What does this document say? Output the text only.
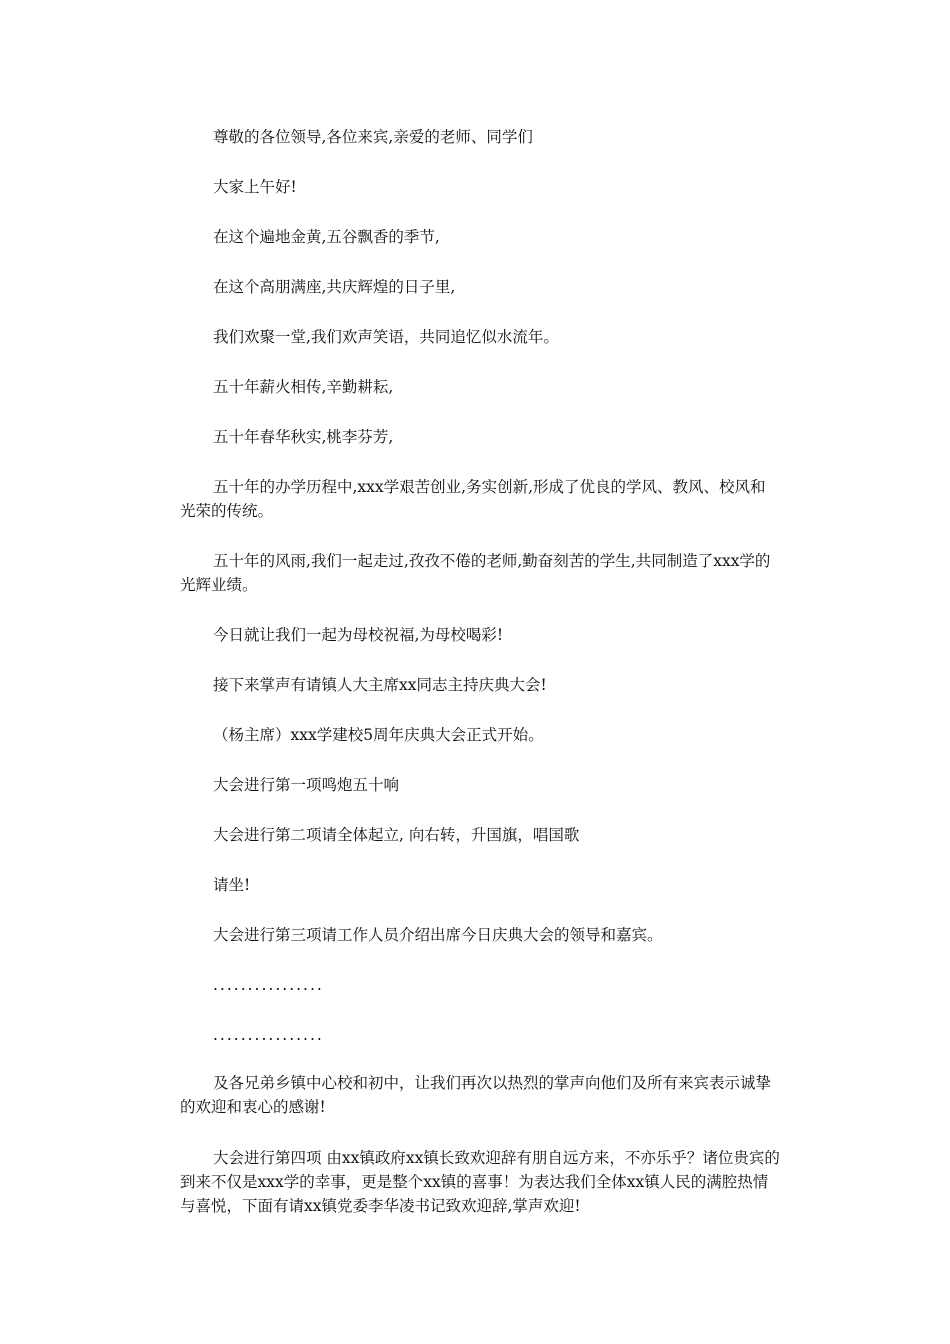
尊敬的各位领导,各位来宾,亲爱的老师、同学们

大家上午好!

在这个遍地金黄,五谷飘香的季节,

在这个高朋满座,共庆辉煌的日子里,

我们欢聚一堂,我们欢声笑语，共同追忆似水流年。

五十年薪火相传,辛勤耕耘,

五十年春华秋实,桃李芬芳,

五十年的办学历程中,xxx学艰苦创业,务实创新,形成了优良的学风、教风、校风和光荣的传统。

五十年的风雨,我们一起走过,孜孜不倦的老师,勤奋刻苦的学生,共同制造了xxx学的光辉业绩。

今日就让我们一起为母校祝福,为母校喝彩!

接下来掌声有请镇人大主席xx同志主持庆典大会!

（杨主席）xxx学建校5周年庆典大会正式开始。

大会进行第一项鸣炮五十响

大会进行第二项请全体起立, 向右转，升国旗，唱国歌

请坐!

大会进行第三项请工作人员介绍出席今日庆典大会的领导和嘉宾。

................

................

及各兄弟乡镇中心校和初中，让我们再次以热烈的掌声向他们及所有来宾表示诚挚的欢迎和衷心的感谢!

大会进行第四项 由xx镇政府xx镇长致欢迎辞有朋自远方来，不亦乐乎？诸位贵宾的到来不仅是xxx学的幸事，更是整个xx镇的喜事！为表达我们全体xx镇人民的满腔热情与喜悦，下面有请xx镇党委李华凌书记致欢迎辞,掌声欢迎!
